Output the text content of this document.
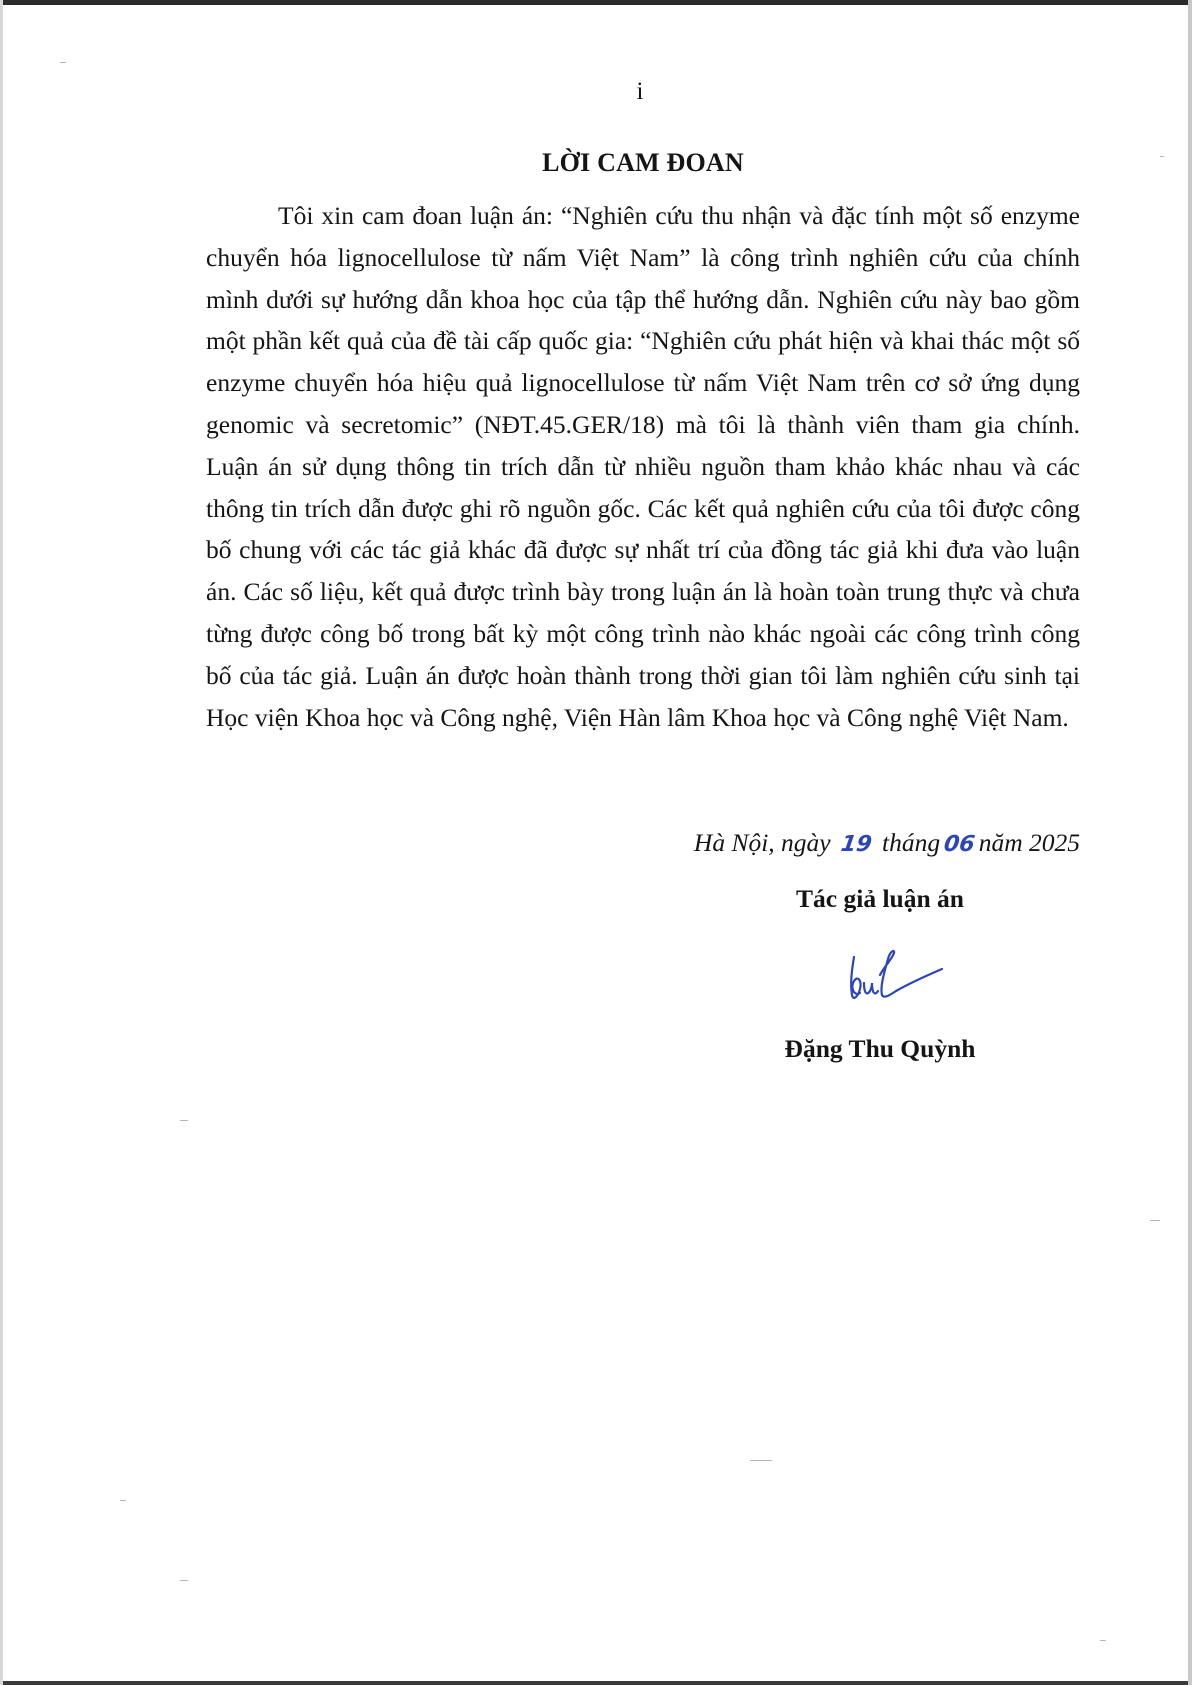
i
LỜI CAM ĐOAN

Tôi xin cam đoan luận án: “Nghiên cứu thu nhận và đặc tính một số enzyme chuyển hóa lignocellulose từ nấm Việt Nam” là công trình nghiên cứu của chính mình dưới sự hướng dẫn khoa học của tập thể hướng dẫn. Nghiên cứu này bao gồm một phần kết quả của đề tài cấp quốc gia: “Nghiên cứu phát hiện và khai thác một số enzyme chuyển hóa hiệu quả lignocellulose từ nấm Việt Nam trên cơ sở ứng dụng genomic và secretomic” (NĐT.45.GER/18) mà tôi là thành viên tham gia chính. Luận án sử dụng thông tin trích dẫn từ nhiều nguồn tham khảo khác nhau và các thông tin trích dẫn được ghi rõ nguồn gốc. Các kết quả nghiên cứu của tôi được công bố chung với các tác giả khác đã được sự nhất trí của đồng tác giả khi đưa vào luận án. Các số liệu, kết quả được trình bày trong luận án là hoàn toàn trung thực và chưa từng được công bố trong bất kỳ một công trình nào khác ngoài các công trình công bố của tác giả. Luận án được hoàn thành trong thời gian tôi làm nghiên cứu sinh tại Học viện Khoa học và Công nghệ, Viện Hàn lâm Khoa học và Công nghệ Việt Nam.

Hà Nội, ngày 19 tháng 06năm 2025
Tác giả luận án
Đặng Thu Quỳnh
